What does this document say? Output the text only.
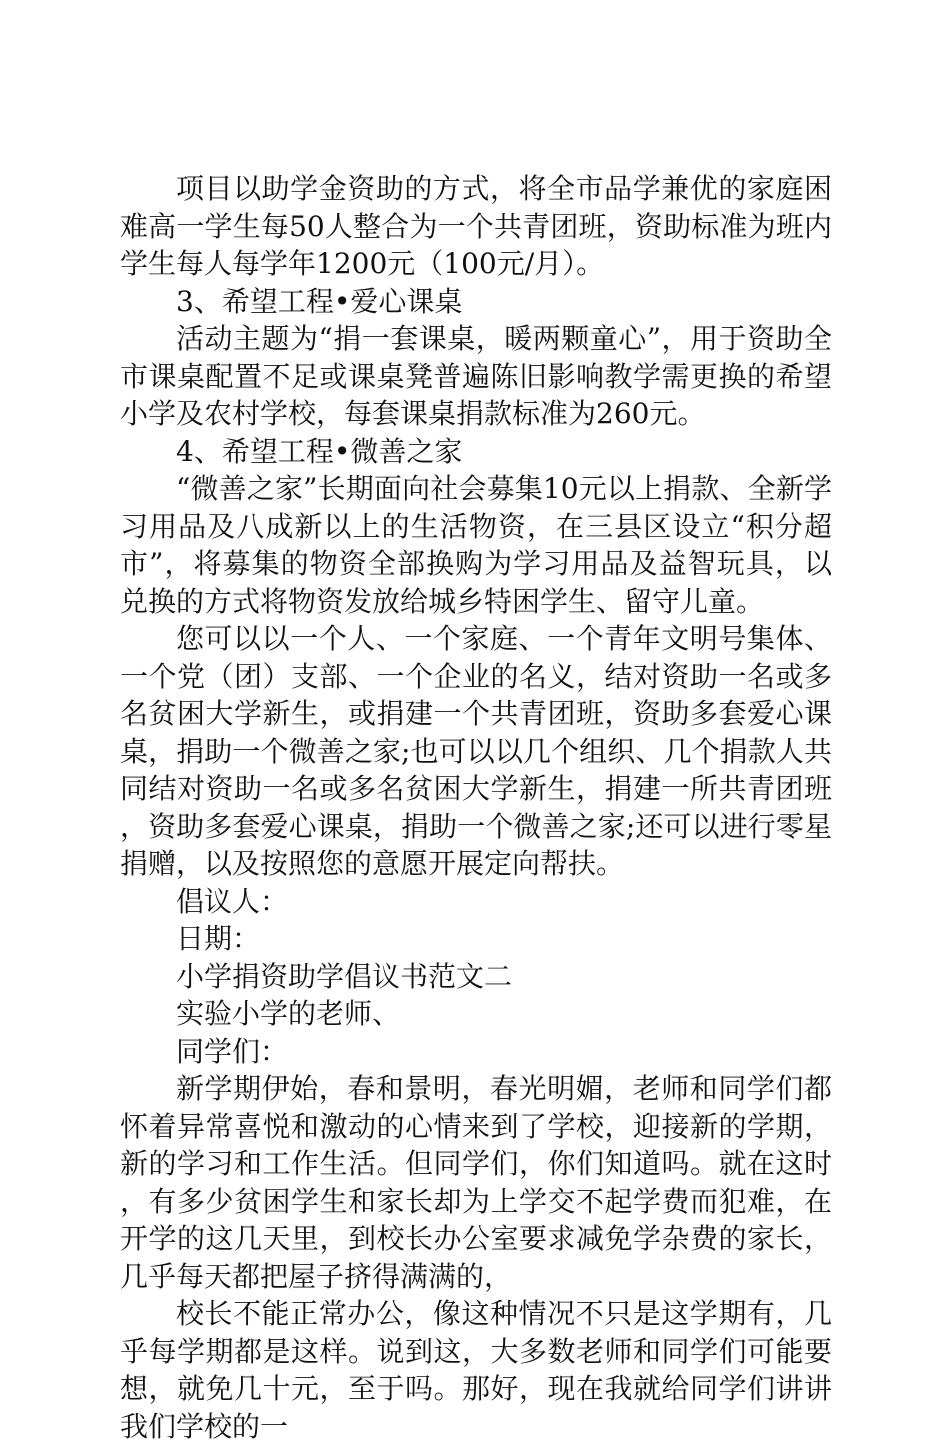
项目以助学金资助的方式，将全市品学兼优的家庭困难高一学生每50人整合为一个共青团班，资助标准为班内学生每人每学年1200元（100元/月）。

3、希望工程•爱心课桌

活动主题为“捐一套课桌，暖两颗童心”，用于资助全市课桌配置不足或课桌凳普遍陈旧影响教学需更换的希望小学及农村学校，每套课桌捐款标准为260元。

4、希望工程•微善之家

“微善之家”长期面向社会募集10元以上捐款、全新学习用品及八成新以上的生活物资，在三县区设立“积分超市”，将募集的物资全部换购为学习用品及益智玩具，以兑换的方式将物资发放给城乡特困学生、留守儿童。

您可以以一个人、一个家庭、一个青年文明号集体、一个党（团）支部、一个企业的名义，结对资助一名或多名贫困大学新生，或捐建一个共青团班，资助多套爱心课桌，捐助一个微善之家;也可以以几个组织、几个捐款人共同结对资助一名或多名贫困大学新生，捐建一所共青团班，资助多套爱心课桌，捐助一个微善之家;还可以进行零星捐赠，以及按照您的意愿开展定向帮扶。

倡议人：

日期：

小学捐资助学倡议书范文二

实验小学的老师、

同学们：

新学期伊始，春和景明，春光明媚，老师和同学们都怀着异常喜悦和激动的心情来到了学校，迎接新的学期，新的学习和工作生活。但同学们，你们知道吗。就在这时，有多少贫困学生和家长却为上学交不起学费而犯难，在开学的这几天里，到校长办公室要求减免学杂费的家长，几乎每天都把屋子挤得满满的，

校长不能正常办公，像这种情况不只是这学期有，几乎每学期都是这样。说到这，大多数老师和同学们可能要想，就免几十元，至于吗。那好，现在我就给同学们讲讲我们学校的一
